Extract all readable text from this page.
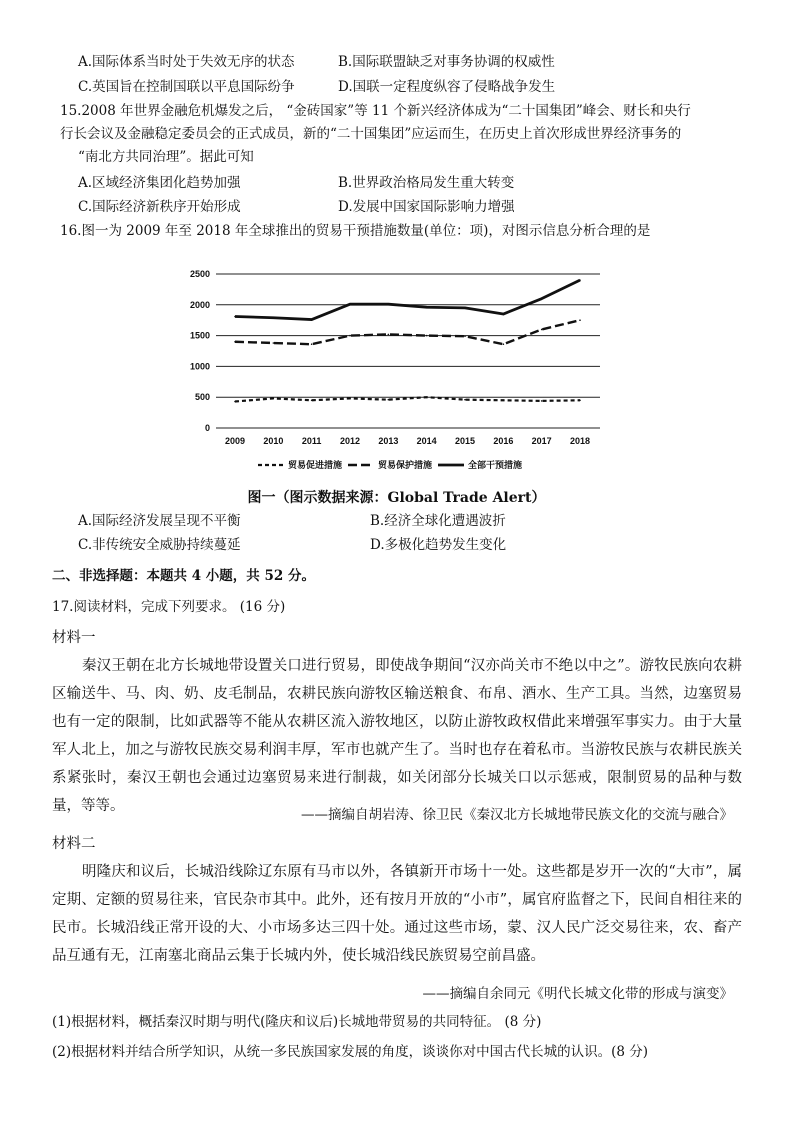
A.国际体系当时处于失效无序的状态	B.国际联盟缺乏对事务协调的权威性
C.英国旨在控制国联以平息国际纷争	D.国联一定程度纵容了侵略战争发生
15.2008 年世界金融危机爆发之后， “金砖国家”等 11 个新兴经济体成为“二十国集团”峰会、财长和央行
行长会议及金融稳定委员会的正式成员，新的“二十国集团”应运而生，在历史上首次形成世界经济事务的
“南北方共同治理”。据此可知
A.区域经济集团化趋势加强	B.世界政治格局发生重大转变
C.国际经济新秩序开始形成	D.发展中国家国际影响力增强
16.图一为 2009 年至 2018 年全球推出的贸易干预措施数量(单位：项)，对图示信息分析合理的是
0
500
1000
1500
2000
2500
2009 2010 2011 2012 2013 2014 2015 2016 2017 2018
贸易促进措施	贸易保护措施	全部干预措施
图一（图示数据来源：Global Trade Alert）
A.国际经济发展呈现不平衡	B.经济全球化遭遇波折
C.非传统安全威胁持续蔓延	D.多极化趋势发生变化
二、非选择题：本题共 4 小题，共 52 分。
17.阅读材料，完成下列要求。 (16 分)
材料一
秦汉王朝在北方长城地带设置关口进行贸易，即使战争期间“汉亦尚关市不绝以中之”。游牧民族向农耕区输送牛、马、肉、奶、皮毛制品，农耕民族向游牧区输送粮食、布帛、酒水、生产工具。当然，边塞贸易也有一定的限制，比如武器等不能从农耕区流入游牧地区，以防止游牧政权借此来增强军事实力。由于大量军人北上，加之与游牧民族交易利润丰厚，军市也就产生了。当时也存在着私市。当游牧民族与农耕民族关系紧张时，秦汉王朝也会通过边塞贸易来进行制裁，如关闭部分长城关口以示惩戒，限制贸易的品种与数量，等等。
——摘编自胡岩涛、徐卫民《秦汉北方长城地带民族文化的交流与融合》
材料二
明隆庆和议后，长城沿线除辽东原有马市以外，各镇新开市场十一处。这些都是岁开一次的“大市”，属定期、定额的贸易往来，官民杂市其中。此外，还有按月开放的“小市”，属官府监督之下，民间自相往来的民市。长城沿线正常开设的大、小市场多达三四十处。通过这些市场，蒙、汉人民广泛交易往来，农、畜产品互通有无，江南塞北商品云集于长城内外，使长城沿线民族贸易空前昌盛。
——摘编自余同元《明代长城文化带的形成与演变》
(1)根据材料，概括秦汉时期与明代(隆庆和议后)长城地带贸易的共同特征。 (8 分)
(2)根据材料并结合所学知识，从统一多民族国家发展的角度，谈谈你对中国古代长城的认识。(8 分)
